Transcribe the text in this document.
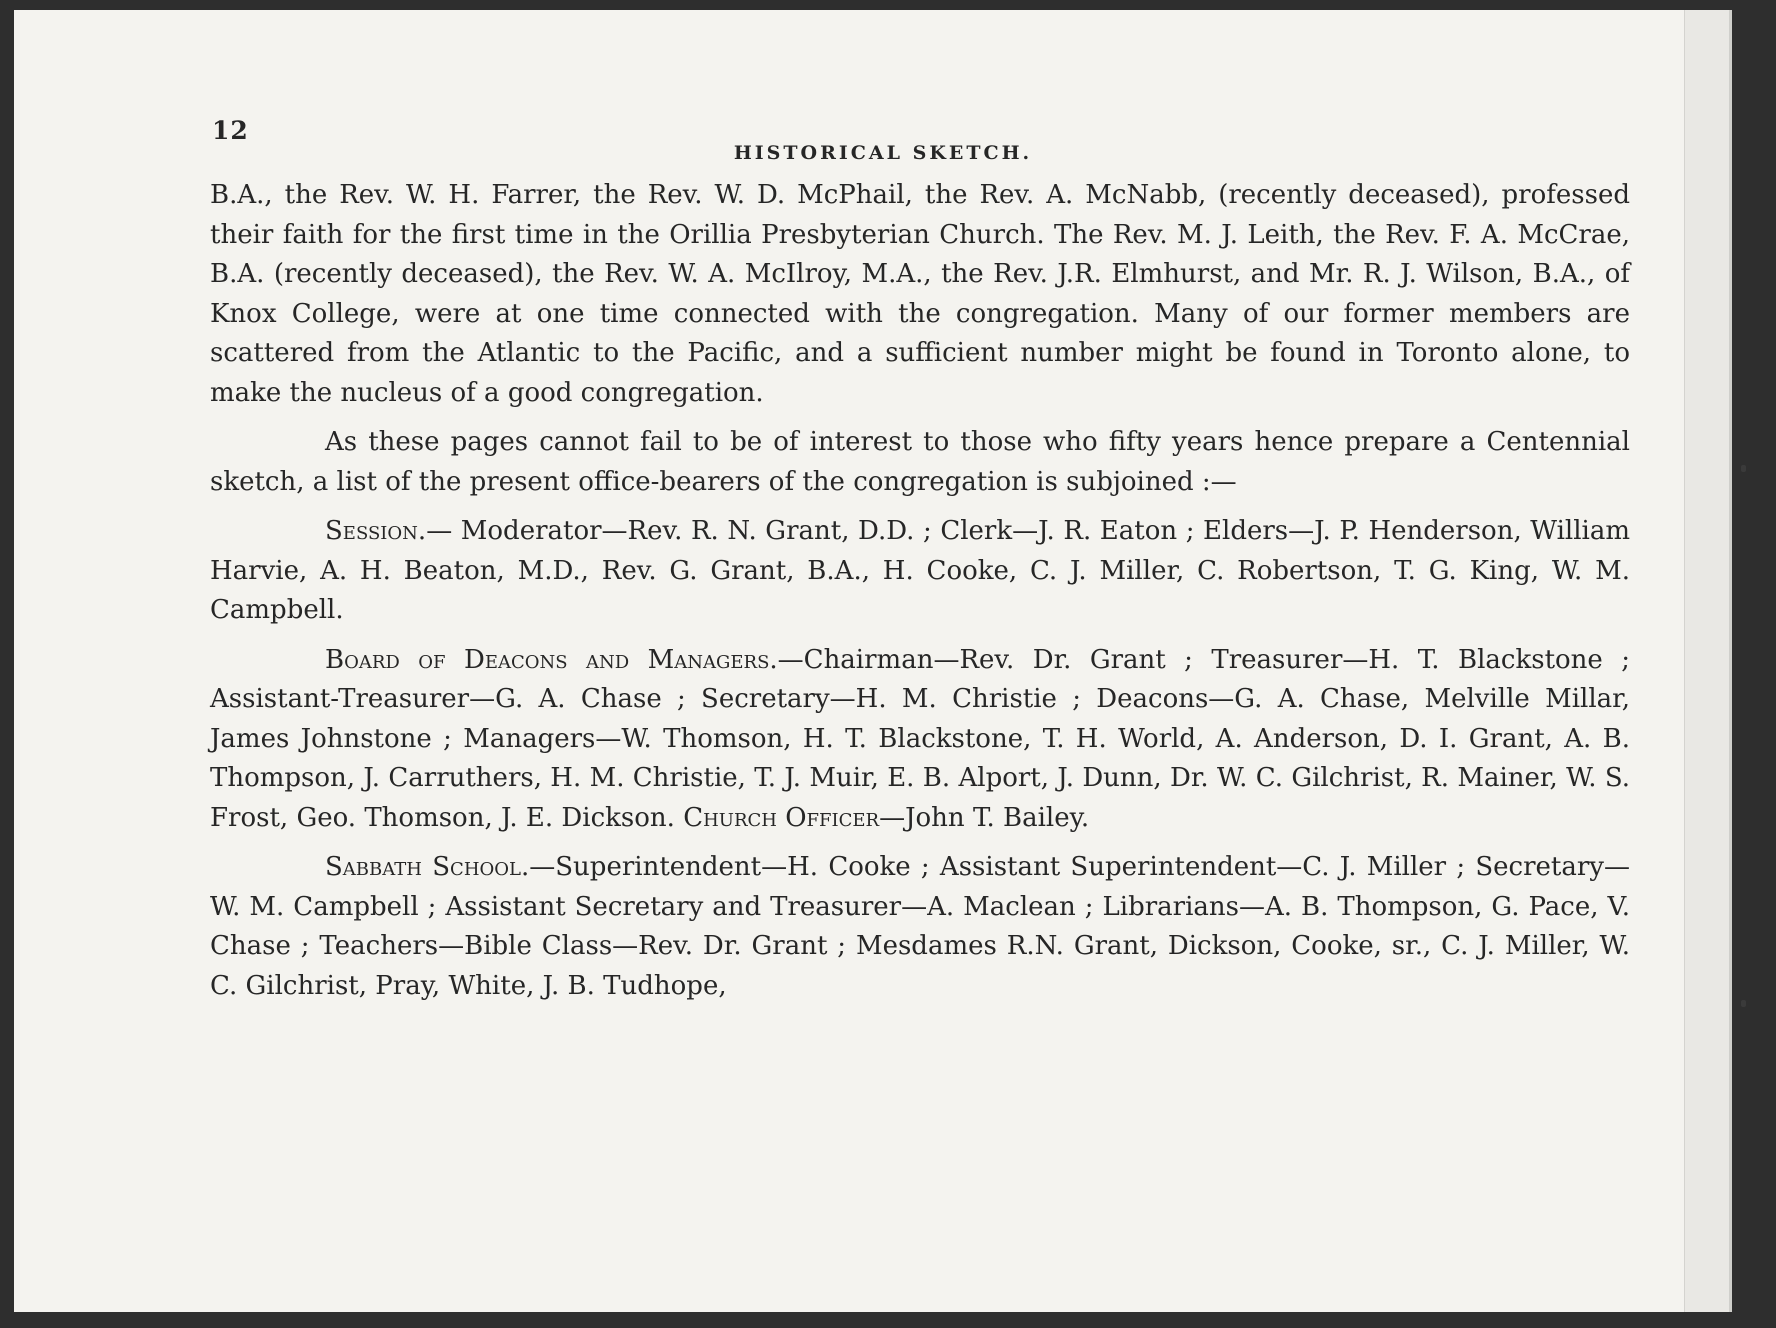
12
HISTORICAL SKETCH.

B.A., the Rev. W. H. Farrer, the Rev. W. D. McPhail, the Rev. A. McNabb, (recently deceased), professed their faith for the first time in the Orillia Presbyterian Church. The Rev. M. J. Leith, the Rev. F. A. McCrae, B.A. (recently deceased), the Rev. W. A. McIlroy, M.A., the Rev. J.R. Elmhurst, and Mr. R. J. Wilson, B.A., of Knox College, were at one time connected with the congregation. Many of our former members are scattered from the Atlantic to the Pacific, and a sufficient number might be found in Toronto alone, to make the nucleus of a good congregation.

As these pages cannot fail to be of interest to those who fifty years hence prepare a Centennial sketch, a list of the present office-bearers of the congregation is subjoined :—

Session.— Moderator—Rev. R. N. Grant, D.D. ; Clerk—J. R. Eaton ; Elders—J. P. Henderson, William Harvie, A. H. Beaton, M.D., Rev. G. Grant, B.A., H. Cooke, C. J. Miller, C. Robertson, T. G. King, W. M. Campbell.

Board of Deacons and Managers.—Chairman—Rev. Dr. Grant ; Treasurer—H. T. Blackstone ; Assistant-Treasurer—G. A. Chase ; Secretary—H. M. Christie ; Deacons—G. A. Chase, Melville Millar, James Johnstone ; Managers—W. Thomson, H. T. Blackstone, T. H. World, A. Anderson, D. I. Grant, A. B. Thompson, J. Carruthers, H. M. Christie, T. J. Muir, E. B. Alport, J. Dunn, Dr. W. C. Gilchrist, R. Mainer, W. S. Frost, Geo. Thomson, J. E. Dickson. Church Officer—John T. Bailey.

Sabbath School.—Superintendent—H. Cooke ; Assistant Superintendent—C. J. Miller ; Secretary—W. M. Campbell ; Assistant Secretary and Treasurer—A. Maclean ; Librarians—A. B. Thompson, G. Pace, V. Chase ; Teachers—Bible Class—Rev. Dr. Grant ; Mesdames R.N. Grant, Dickson, Cooke, sr., C. J. Miller, W. C. Gilchrist, Pray, White, J. B. Tudhope,
